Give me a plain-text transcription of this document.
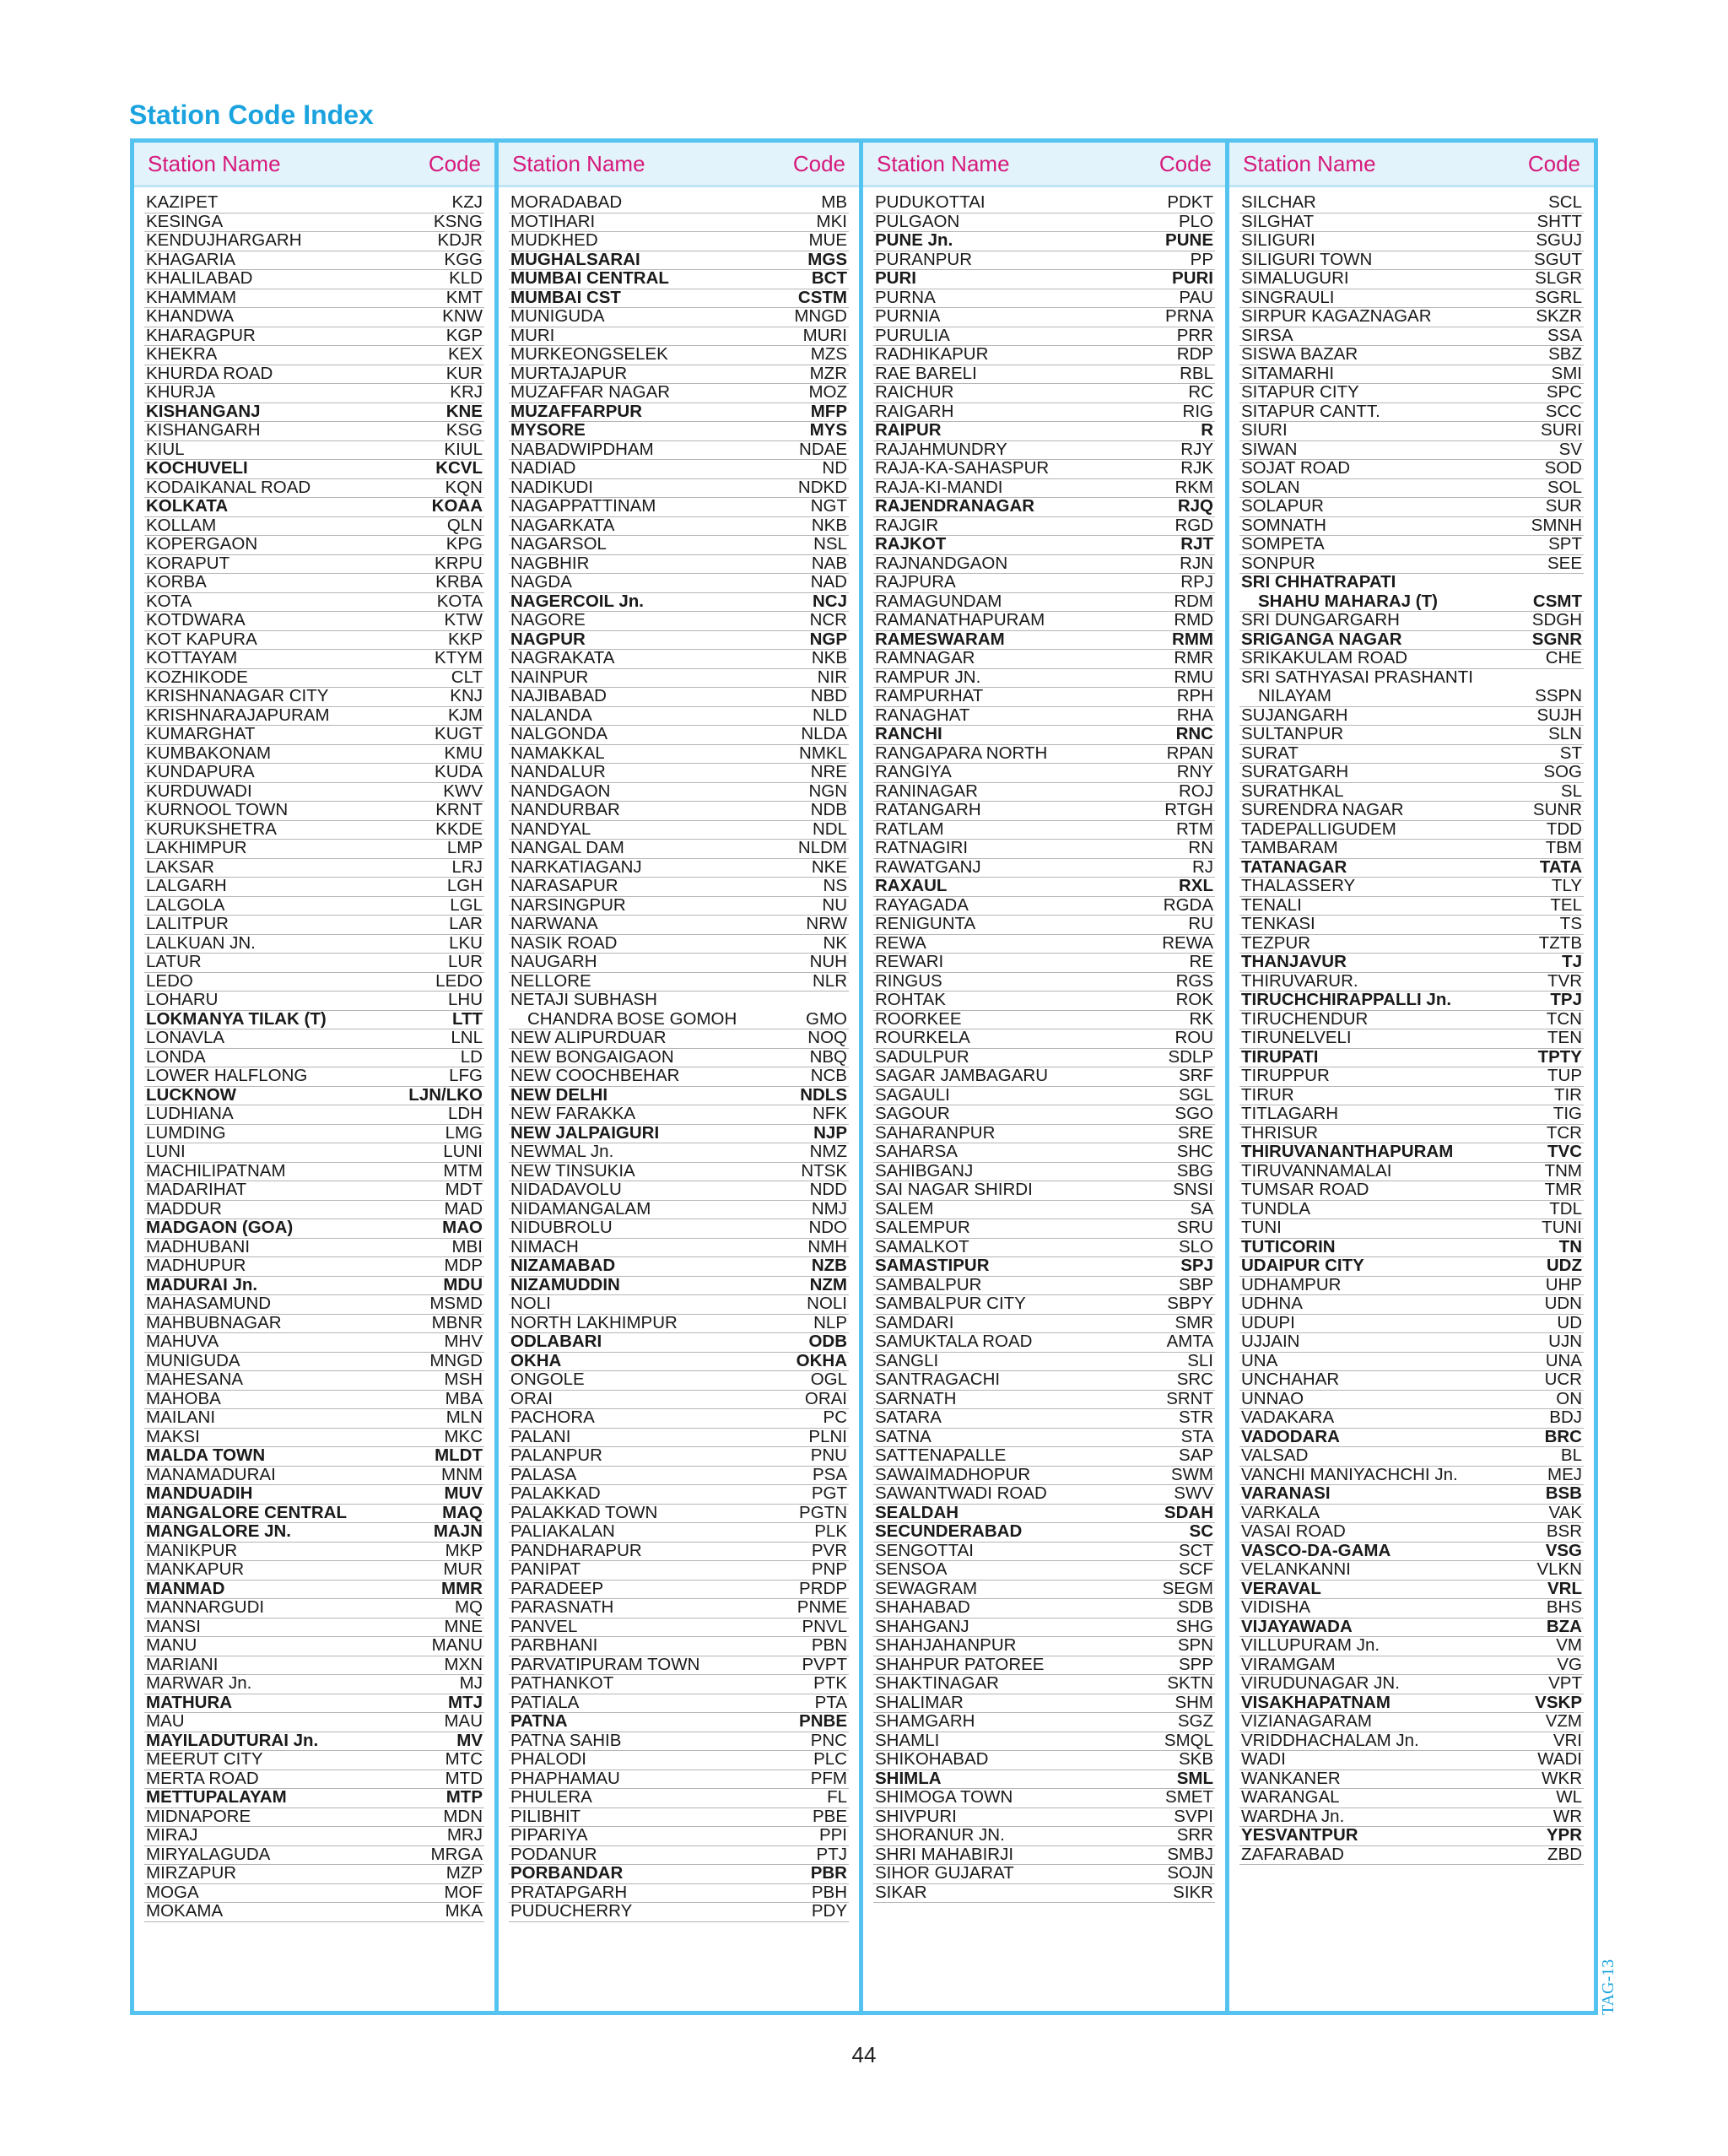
Station Code Index
Station Name	Code
KAZIPET	KZJ
KESINGA	KSNG
KENDUJHARGARH	KDJR
KHAGARIA	KGG
KHALILABAD	KLD
KHAMMAM	KMT
KHANDWA	KNW
KHARAGPUR	KGP
KHEKRA	KEX
KHURDA ROAD	KUR
KHURJA	KRJ
KISHANGANJ	KNE
KISHANGARH	KSG
KIUL	KIUL
KOCHUVELI	KCVL
KODAIKANAL ROAD	KQN
KOLKATA	KOAA
KOLLAM	QLN
KOPERGAON	KPG
KORAPUT	KRPU
KORBA	KRBA
KOTA	KOTA
KOTDWARA	KTW
KOT KAPURA	KKP
KOTTAYAM	KTYM
KOZHIKODE	CLT
KRISHNANAGAR CITY	KNJ
KRISHNARAJAPURAM	KJM
KUMARGHAT	KUGT
KUMBAKONAM	KMU
KUNDAPURA	KUDA
KURDUWADI	KWV
KURNOOL TOWN	KRNT
KURUKSHETRA	KKDE
LAKHIMPUR	LMP
LAKSAR	LRJ
LALGARH	LGH
LALGOLA	LGL
LALITPUR	LAR
LALKUAN JN.	LKU
LATUR	LUR
LEDO	LEDO
LOHARU	LHU
LOKMANYA TILAK (T)	LTT
LONAVLA	LNL
LONDA	LD
LOWER HALFLONG	LFG
LUCKNOW	LJN/LKO
LUDHIANA	LDH
LUMDING	LMG
LUNI	LUNI
MACHILIPATNAM	MTM
MADARIHAT	MDT
MADDUR	MAD
MADGAON (GOA)	MAO
MADHUBANI	MBI
MADHUPUR	MDP
MADURAI Jn.	MDU
MAHASAMUND	MSMD
MAHBUBNAGAR	MBNR
MAHUVA	MHV
MUNIGUDA	MNGD
MAHESANA	MSH
MAHOBA	MBA
MAILANI	MLN
MAKSI	MKC
MALDA TOWN	MLDT
MANAMADURAI	MNM
MANDUADIH	MUV
MANGALORE CENTRAL	MAQ
MANGALORE JN.	MAJN
MANIKPUR	MKP
MANKAPUR	MUR
MANMAD	MMR
MANNARGUDI	MQ
MANSI	MNE
MANU	MANU
MARIANI	MXN
MARWAR Jn.	MJ
MATHURA	MTJ
MAU	MAU
MAYILADUTURAI Jn.	MV
MEERUT CITY	MTC
MERTA ROAD	MTD
METTUPALAYAM	MTP
MIDNAPORE	MDN
MIRAJ	MRJ
MIRYALAGUDA	MRGA
MIRZAPUR	MZP
MOGA	MOF
MOKAMA	MKA
Station Name	Code
MORADABAD	MB
MOTIHARI	MKI
MUDKHED	MUE
MUGHALSARAI	MGS
MUMBAI CENTRAL	BCT
MUMBAI CST	CSTM
MUNIGUDA	MNGD
MURI	MURI
MURKEONGSELEK	MZS
MURTAJAPUR	MZR
MUZAFFAR NAGAR	MOZ
MUZAFFARPUR	MFP
MYSORE	MYS
NABADWIPDHAM	NDAE
NADIAD	ND
NADIKUDI	NDKD
NAGAPPATTINAM	NGT
NAGARKATA	NKB
NAGARSOL	NSL
NAGBHIR	NAB
NAGDA	NAD
NAGERCOIL Jn.	NCJ
NAGORE	NCR
NAGPUR	NGP
NAGRAKATA	NKB
NAINPUR	NIR
NAJIBABAD	NBD
NALANDA	NLD
NALGONDA	NLDA
NAMAKKAL	NMKL
NANDALUR	NRE
NANDGAON	NGN
NANDURBAR	NDB
NANDYAL	NDL
NANGAL DAM	NLDM
NARKATIAGANJ	NKE
NARASAPUR	NS
NARSINGPUR	NU
NARWANA	NRW
NASIK ROAD	NK
NAUGARH	NUH
NELLORE	NLR
NETAJI SUBHASH
CHANDRA BOSE GOMOH	GMO
NEW ALIPURDUAR	NOQ
NEW BONGAIGAON	NBQ
NEW COOCHBEHAR	NCB
NEW DELHI	NDLS
NEW FARAKKA	NFK
NEW JALPAIGURI	NJP
NEWMAL Jn.	NMZ
NEW TINSUKIA	NTSK
NIDADAVOLU	NDD
NIDAMANGALAM	NMJ
NIDUBROLU	NDO
NIMACH	NMH
NIZAMABAD	NZB
NIZAMUDDIN	NZM
NOLI	NOLI
NORTH LAKHIMPUR	NLP
ODLABARI	ODB
OKHA	OKHA
ONGOLE	OGL
ORAI	ORAI
PACHORA	PC
PALANI	PLNI
PALANPUR	PNU
PALASA	PSA
PALAKKAD	PGT
PALAKKAD TOWN	PGTN
PALIAKALAN	PLK
PANDHARAPUR	PVR
PANIPAT	PNP
PARADEEP	PRDP
PARASNATH	PNME
PANVEL	PNVL
PARBHANI	PBN
PARVATIPURAM TOWN	PVPT
PATHANKOT	PTK
PATIALA	PTA
PATNA	PNBE
PATNA SAHIB	PNC
PHALODI	PLC
PHAPHAMAU	PFM
PHULERA	FL
PILIBHIT	PBE
PIPARIYA	PPI
PODANUR	PTJ
PORBANDAR	PBR
PRATAPGARH	PBH
PUDUCHERRY	PDY
Station Name	Code
PUDUKOTTAI	PDKT
PULGAON	PLO
PUNE Jn.	PUNE
PURANPUR	PP
PURI	PURI
PURNA	PAU
PURNIA	PRNA
PURULIA	PRR
RADHIKAPUR	RDP
RAE BARELI	RBL
RAICHUR	RC
RAIGARH	RIG
RAIPUR	R
RAJAHMUNDRY	RJY
RAJA-KA-SAHASPUR	RJK
RAJA-KI-MANDI	RKM
RAJENDRANAGAR	RJQ
RAJGIR	RGD
RAJKOT	RJT
RAJNANDGAON	RJN
RAJPURA	RPJ
RAMAGUNDAM	RDM
RAMANATHAPURAM	RMD
RAMESWARAM	RMM
RAMNAGAR	RMR
RAMPUR JN.	RMU
RAMPURHAT	RPH
RANAGHAT	RHA
RANCHI	RNC
RANGAPARA NORTH	RPAN
RANGIYA	RNY
RANINAGAR	ROJ
RATANGARH	RTGH
RATLAM	RTM
RATNAGIRI	RN
RAWATGANJ	RJ
RAXAUL	RXL
RAYAGADA	RGDA
RENIGUNTA	RU
REWA	REWA
REWARI	RE
RINGUS	RGS
ROHTAK	ROK
ROORKEE	RK
ROURKELA	ROU
SADULPUR	SDLP
SAGAR JAMBAGARU	SRF
SAGAULI	SGL
SAGOUR	SGO
SAHARANPUR	SRE
SAHARSA	SHC
SAHIBGANJ	SBG
SAI NAGAR SHIRDI	SNSI
SALEM	SA
SALEMPUR	SRU
SAMALKOT	SLO
SAMASTIPUR	SPJ
SAMBALPUR	SBP
SAMBALPUR CITY	SBPY
SAMDARI	SMR
SAMUKTALA ROAD	AMTA
SANGLI	SLI
SANTRAGACHI	SRC
SARNATH	SRNT
SATARA	STR
SATNA	STA
SATTENAPALLE	SAP
SAWAIMADHOPUR	SWM
SAWANTWADI ROAD	SWV
SEALDAH	SDAH
SECUNDERABAD	SC
SENGOTTAI	SCT
SENSOA	SCF
SEWAGRAM	SEGM
SHAHABAD	SDB
SHAHGANJ	SHG
SHAHJAHANPUR	SPN
SHAHPUR PATOREE	SPP
SHAKTINAGAR	SKTN
SHALIMAR	SHM
SHAMGARH	SGZ
SHAMLI	SMQL
SHIKOHABAD	SKB
SHIMLA	SML
SHIMOGA TOWN	SMET
SHIVPURI	SVPI
SHORANUR JN.	SRR
SHRI MAHABIRJI	SMBJ
SIHOR GUJARAT	SOJN
SIKAR	SIKR
Station Name	Code
SILCHAR	SCL
SILGHAT	SHTT
SILIGURI	SGUJ
SILIGURI TOWN	SGUT
SIMALUGURI	SLGR
SINGRAULI	SGRL
SIRPUR KAGAZNAGAR	SKZR
SIRSA	SSA
SISWA BAZAR	SBZ
SITAMARHI	SMI
SITAPUR CITY	SPC
SITAPUR CANTT.	SCC
SIURI	SURI
SIWAN	SV
SOJAT ROAD	SOD
SOLAN	SOL
SOLAPUR	SUR
SOMNATH	SMNH
SOMPETA	SPT
SONPUR	SEE
SRI CHHATRAPATI
SHAHU MAHARAJ (T)	CSMT
SRI DUNGARGARH	SDGH
SRIGANGA NAGAR	SGNR
SRIKAKULAM ROAD	CHE
SRI SATHYASAI PRASHANTI
NILAYAM	SSPN
SUJANGARH	SUJH
SULTANPUR	SLN
SURAT	ST
SURATGARH	SOG
SURATHKAL	SL
SURENDRA NAGAR	SUNR
TADEPALLIGUDEM	TDD
TAMBARAM	TBM
TATANAGAR	TATA
THALASSERY	TLY
TENALI	TEL
TENKASI	TS
TEZPUR	TZTB
THANJAVUR	TJ
THIRUVARUR.	TVR
TIRUCHCHIRAPPALLI Jn.	TPJ
TIRUCHENDUR	TCN
TIRUNELVELI	TEN
TIRUPATI	TPTY
TIRUPPUR	TUP
TIRUR	TIR
TITLAGARH	TIG
THRISUR	TCR
THIRUVANANTHAPURAM	TVC
TIRUVANNAMALAI	TNM
TUMSAR ROAD	TMR
TUNDLA	TDL
TUNI	TUNI
TUTICORIN	TN
UDAIPUR CITY	UDZ
UDHAMPUR	UHP
UDHNA	UDN
UDUPI	UD
UJJAIN	UJN
UNA	UNA
UNCHAHAR	UCR
UNNAO	ON
VADAKARA	BDJ
VADODARA	BRC
VALSAD	BL
VANCHI MANIYACHCHI Jn.	MEJ
VARANASI	BSB
VARKALA	VAK
VASAI ROAD	BSR
VASCO-DA-GAMA	VSG
VELANKANNI	VLKN
VERAVAL	VRL
VIDISHA	BHS
VIJAYAWADA	BZA
VILLUPURAM Jn.	VM
VIRAMGAM	VG
VIRUDUNAGAR JN.	VPT
VISAKHAPATNAM	VSKP
VIZIANAGARAM	VZM
VRIDDHACHALAM Jn.	VRI
WADI	WADI
WANKANER	WKR
WARANGAL	WL
WARDHA Jn.	WR
YESVANTPUR	YPR
ZAFARABAD	ZBD
TAG-13
44
